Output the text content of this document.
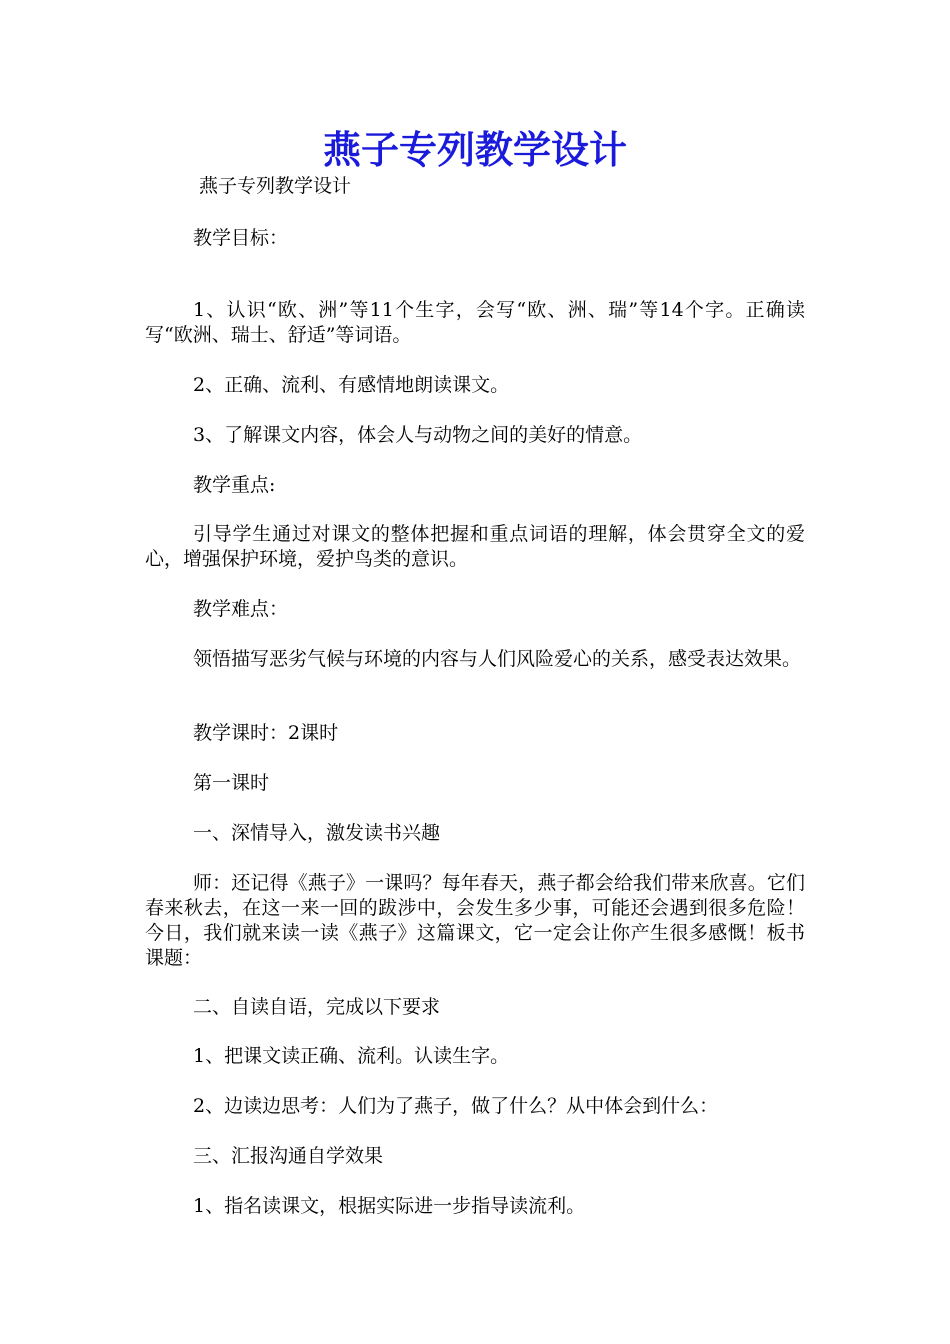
燕子专列教学设计

燕子专列教学设计

教学目标：

1、认识“欧、洲”等11个生字，会写“欧、洲、瑞”等14个字。正确读写“欧洲、瑞士、舒适”等词语。

2、正确、流利、有感情地朗读课文。

3、了解课文内容，体会人与动物之间的美好的情意。

教学重点:

引导学生通过对课文的整体把握和重点词语的理解，体会贯穿全文的爱心，增强保护环境，爱护鸟类的意识。

教学难点：

领悟描写恶劣气候与环境的内容与人们风险爱心的关系，感受表达效果。

教学课时：2课时

第一课时

一、深情导入，激发读书兴趣

师：还记得《燕子》一课吗？每年春天，燕子都会给我们带来欣喜。它们春来秋去，在这一来一回的跋涉中，会发生多少事，可能还会遇到很多危险！今日，我们就来读一读《燕子》这篇课文，它一定会让你产生很多感慨！板书课题：

二、自读自语，完成以下要求

1、把课文读正确、流利。认读生字。

2、边读边思考：人们为了燕子，做了什么？从中体会到什么：

三、汇报沟通自学效果

1、指名读课文，根据实际进一步指导读流利。
